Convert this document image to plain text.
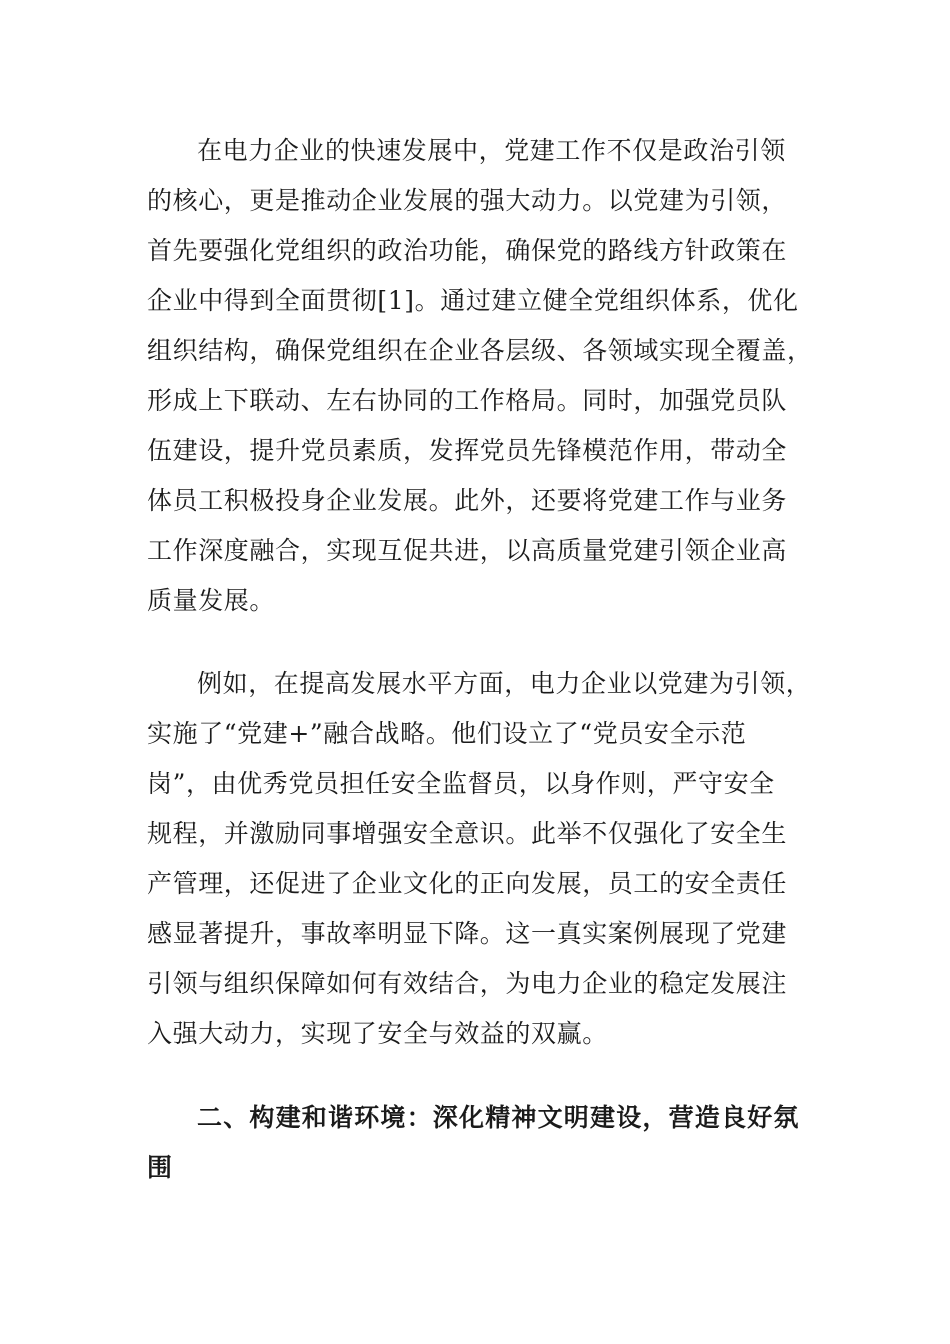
在电力企业的快速发展中，党建工作不仅是政治引领
的核心，更是推动企业发展的强大动力。以党建为引领，
首先要强化党组织的政治功能，确保党的路线方针政策在
企业中得到全面贯彻[1]。通过建立健全党组织体系，优化
组织结构，确保党组织在企业各层级、各领域实现全覆盖，
形成上下联动、左右协同的工作格局。同时，加强党员队
伍建设，提升党员素质，发挥党员先锋模范作用，带动全
体员工积极投身企业发展。此外，还要将党建工作与业务
工作深度融合，实现互促共进，以高质量党建引领企业高
质量发展。
例如，在提高发展水平方面，电力企业以党建为引领，
实施了“党建+”融合战略。他们设立了“党员安全示范
岗”，由优秀党员担任安全监督员，以身作则，严守安全
规程，并激励同事增强安全意识。此举不仅强化了安全生
产管理，还促进了企业文化的正向发展，员工的安全责任
感显著提升，事故率明显下降。这一真实案例展现了党建
引领与组织保障如何有效结合，为电力企业的稳定发展注
入强大动力，实现了安全与效益的双赢。
二、构建和谐环境：深化精神文明建设，营造良好氛
围
